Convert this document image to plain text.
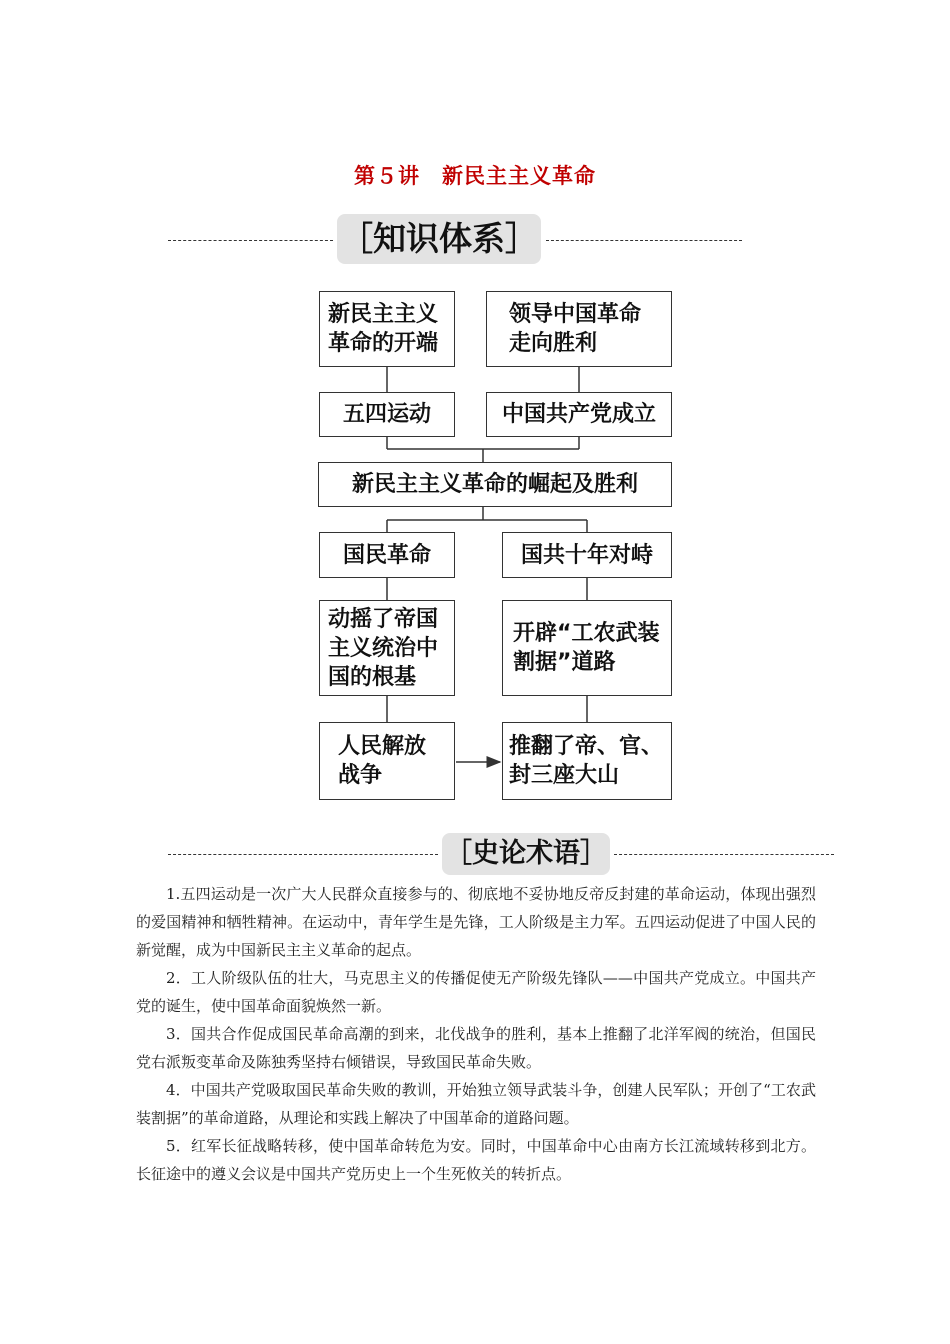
第５讲　新民主主义革命
［知识体系］
新民主主义革命的开端
领导中国革命走向胜利
五四运动	中国共产党成立
新民主主义革命的崛起及胜利
国民革命	国共十年对峙
动摇了帝国主义统治中国的根基
开辟“工农武装割据”道路
人民解放战争
推翻了帝、官、封三座大山
［史论术语］

1.五四运动是一次广大人民群众直接参与的、彻底地不妥协地反帝反封建的革命运动，体现出强烈的爱国精神和牺牲精神。在运动中，青年学生是先锋，工人阶级是主力军。五四运动促进了中国人民的新觉醒，成为中国新民主主义革命的起点。

2．工人阶级队伍的壮大，马克思主义的传播促使无产阶级先锋队——中国共产党成立。中国共产党的诞生，使中国革命面貌焕然一新。

3．国共合作促成国民革命高潮的到来，北伐战争的胜利，基本上推翻了北洋军阀的统治，但国民党右派叛变革命及陈独秀坚持右倾错误，导致国民革命失败。

4．中国共产党吸取国民革命失败的教训，开始独立领导武装斗争，创建人民军队；开创了“工农武装割据”的革命道路，从理论和实践上解决了中国革命的道路问题。

5．红军长征战略转移，使中国革命转危为安。同时，中国革命中心由南方长江流域转移到北方。长征途中的遵义会议是中国共产党历史上一个生死攸关的转折点。
